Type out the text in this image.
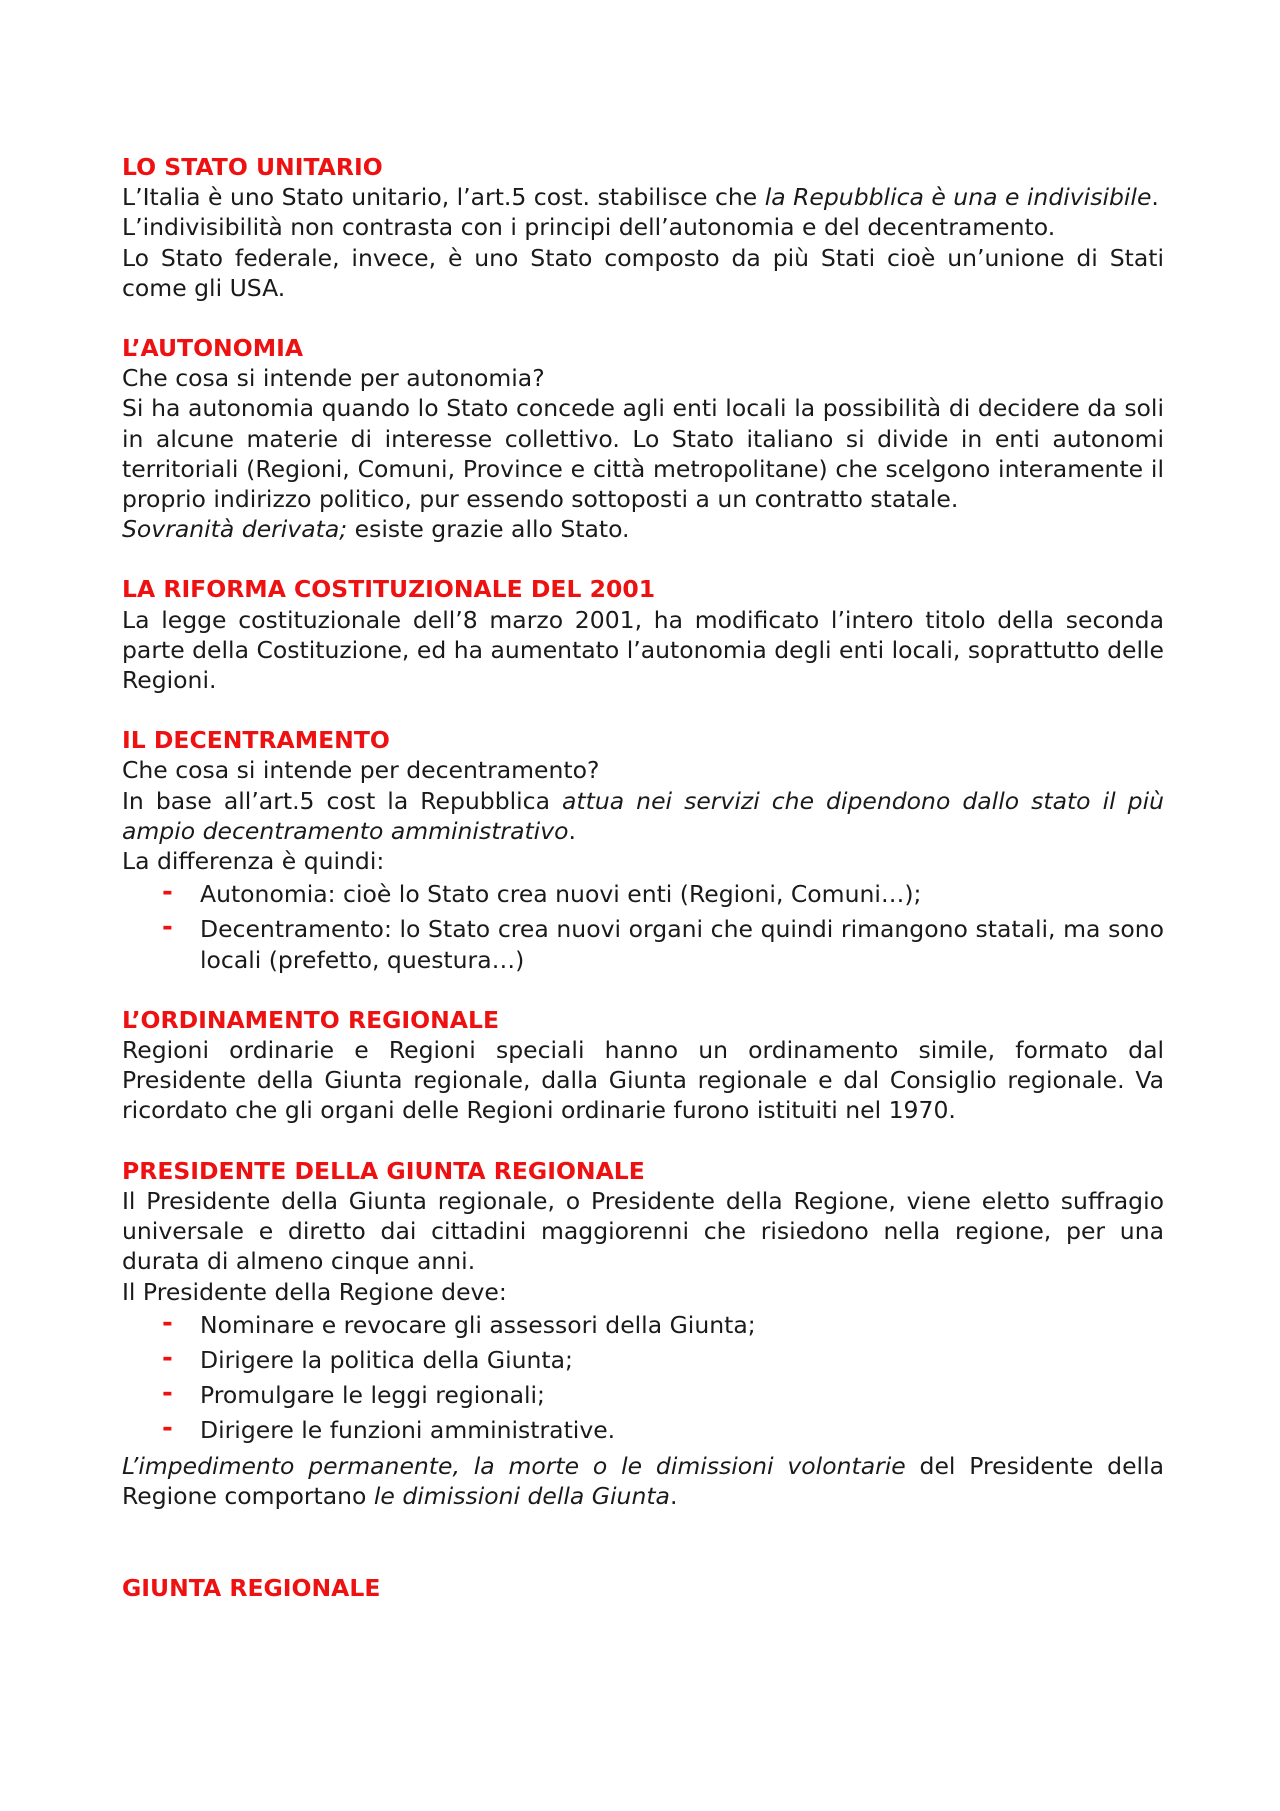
LO STATO UNITARIO

L’Italia è uno Stato unitario, l’art.5 cost. stabilisce che la Repubblica è una e indivisibile.

L’indivisibilità non contrasta con i principi dell’autonomia e del decentramento.

Lo Stato federale, invece, è uno Stato composto da più Stati cioè un’unione di Stati come gli USA.

L’AUTONOMIA

Che cosa si intende per autonomia?

Si ha autonomia quando lo Stato concede agli enti locali la possibilità di decidere da soli in alcune materie di interesse collettivo. Lo Stato italiano si divide in enti autonomi territoriali (Regioni, Comuni, Province e città metropolitane) che scelgono interamente il proprio indirizzo politico, pur essendo sottoposti a un contratto statale.

Sovranità derivata; esiste grazie allo Stato.

LA RIFORMA COSTITUZIONALE DEL 2001

La legge costituzionale dell’8 marzo 2001, ha modificato l’intero titolo della seconda parte della Costituzione, ed ha aumentato l’autonomia degli enti locali, soprattutto delle Regioni.

IL DECENTRAMENTO

Che cosa si intende per decentramento?

In base all’art.5 cost la Repubblica attua nei servizi che dipendono dallo stato il più ampio decentramento amministrativo.

La differenza è quindi:

- Autonomia: cioè lo Stato crea nuovi enti (Regioni, Comuni…);
- Decentramento: lo Stato crea nuovi organi che quindi rimangono statali, ma sono locali (prefetto, questura…)

L’ORDINAMENTO REGIONALE

Regioni ordinarie e Regioni speciali hanno un ordinamento simile, formato dal Presidente della Giunta regionale, dalla Giunta regionale e dal Consiglio regionale. Va ricordato che gli organi delle Regioni ordinarie furono istituiti nel 1970.

PRESIDENTE DELLA GIUNTA REGIONALE

Il Presidente della Giunta regionale, o Presidente della Regione, viene eletto suffragio universale e diretto dai cittadini maggiorenni che risiedono nella regione, per una durata di almeno cinque anni.

Il Presidente della Regione deve:

- Nominare e revocare gli assessori della Giunta;
- Dirigere la politica della Giunta;
- Promulgare le leggi regionali;
- Dirigere le funzioni amministrative.

L’impedimento permanente, la morte o le dimissioni volontarie del Presidente della Regione comportano le dimissioni della Giunta.

GIUNTA REGIONALE
